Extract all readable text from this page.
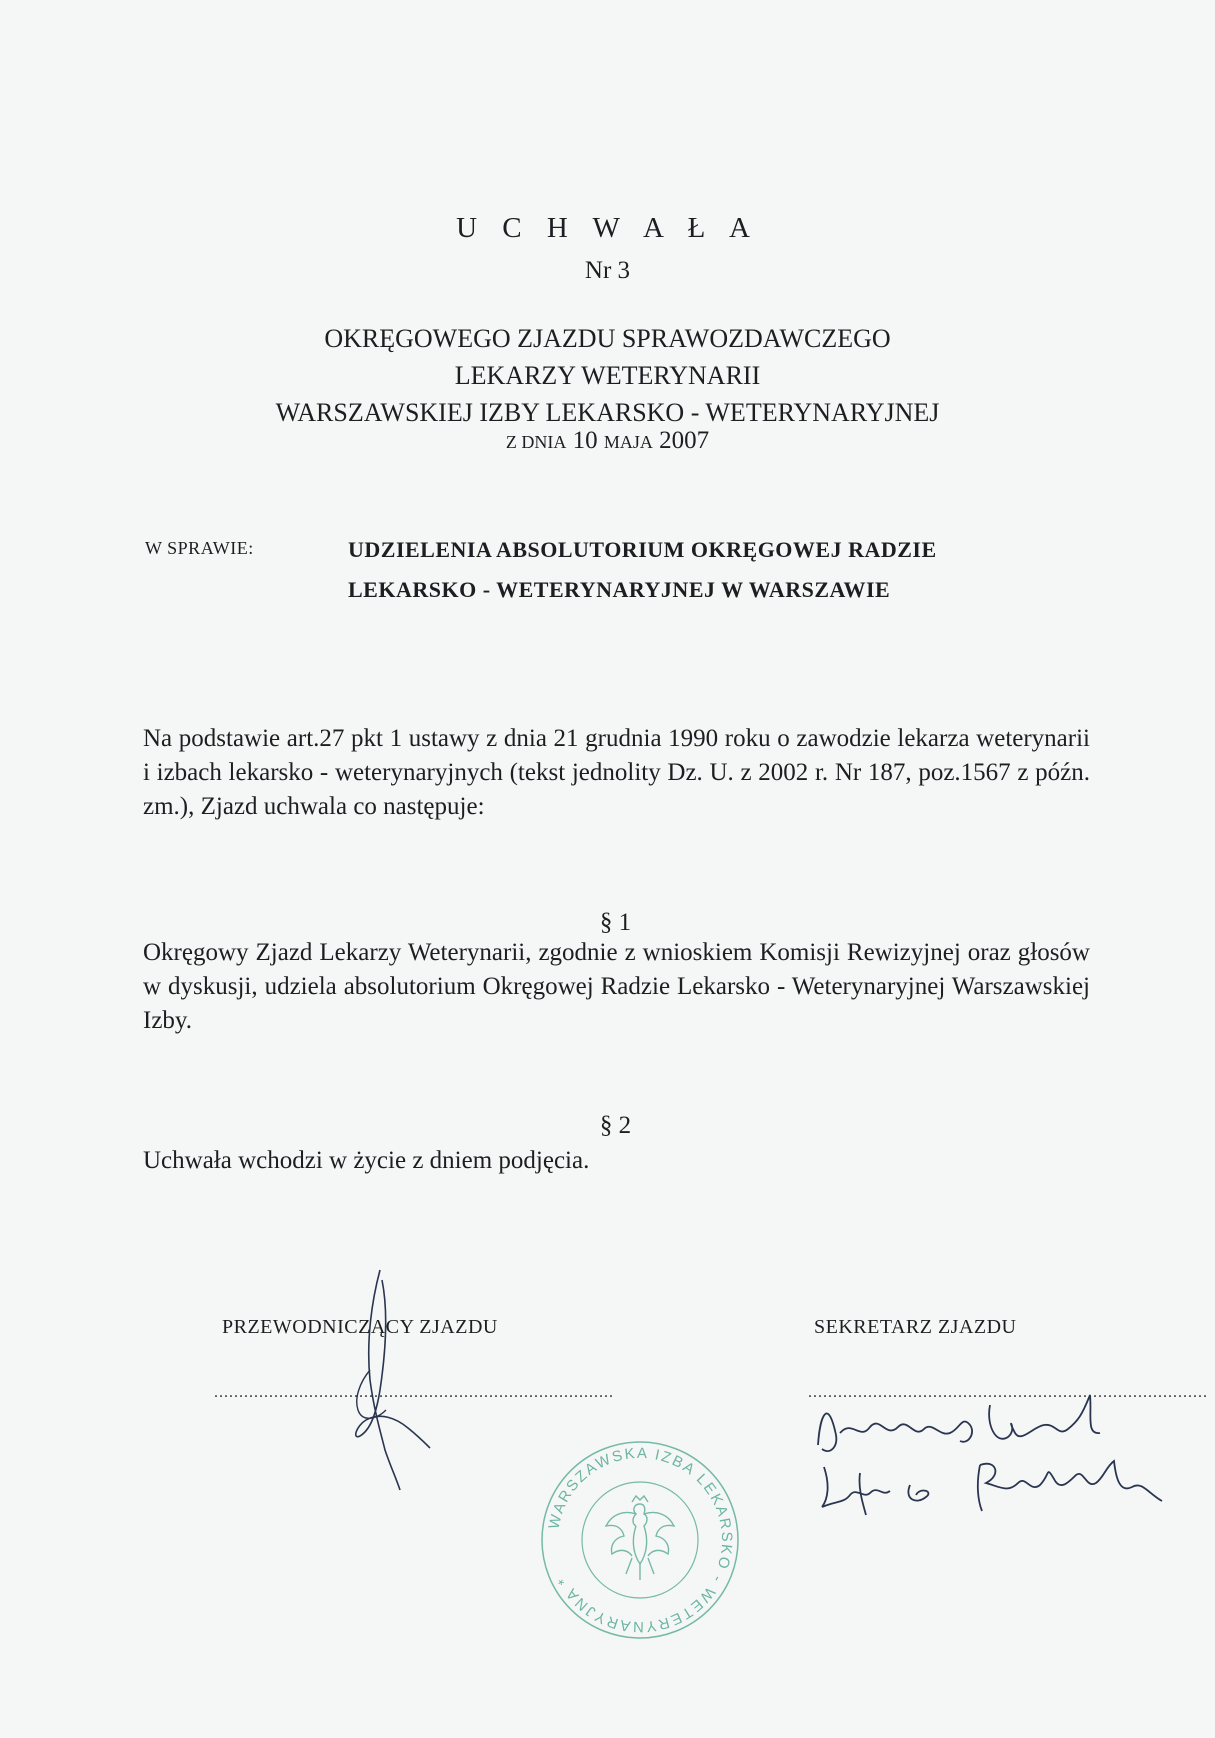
U C H W A Ł A
Nr 3
OKRĘGOWEGO ZJAZDU SPRAWOZDAWCZEGO
LEKARZY WETERYNARII
WARSZAWSKIEJ IZBY LEKARSKO - WETERYNARYJNEJ
Z DNIA 10 MAJA 2007
W SPRAWIE:	UDZIELENIA ABSOLUTORIUM OKRĘGOWEJ RADZIE
LEKARSKO - WETERYNARYJNEJ W WARSZAWIE
Na podstawie art.27 pkt 1 ustawy z dnia 21 grudnia 1990 roku o zawodzie lekarza weterynarii i izbach lekarsko - weterynaryjnych (tekst jednolity Dz. U. z 2002 r. Nr 187, poz.1567 z późn. zm.), Zjazd uchwala co następuje:
§ 1
Okręgowy Zjazd Lekarzy Weterynarii, zgodnie z wnioskiem Komisji Rewizyjnej oraz głosów w dyskusji, udziela absolutorium Okręgowej Radzie Lekarsko - Weterynaryjnej Warszawskiej Izby.
§ 2
Uchwała wchodzi w życie z dniem podjęcia.
PRZEWODNICZĄCY ZJAZDU	SEKRETARZ ZJAZDU
................................................................................	................................................................................
WARSZAWSKA IZBA LEKARSKO - WETERYNARYJNA *
